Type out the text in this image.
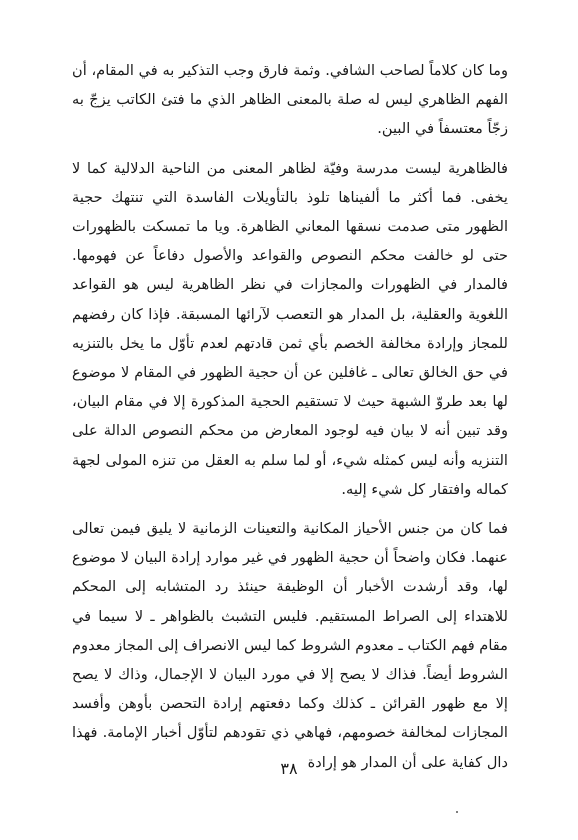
وما كان كلاماً لصاحب الشافي. وثمة فارق وجب التذكير به في المقام، أن الفهم الظاهري ليس له صلة بالمعنى الظاهر الذي ما فتئ الكاتب يزجّ به زجّاً معتسفاً في البين.

فالظاهرية ليست مدرسة وفيّة لظاهر المعنى من الناحية الدلالية كما لا يخفى. فما أكثر ما ألفيناها تلوذ بالتأويلات الفاسدة التي تنتهك حجية الظهور متى صدمت نسقها المعاني الظاهرة. ويا ما تمسكت بالظهورات حتى لو خالفت محكم النصوص والقواعد والأصول دفاعاً عن فهومها. فالمدار في الظهورات والمجازات في نظر الظاهرية ليس هو القواعد اللغوية والعقلية، بل المدار هو التعصب لآرائها المسبقة. فإذا كان رفضهم للمجاز وإرادة مخالفة الخصم بأي ثمن قادتهم لعدم تأوّل ما يخل بالتنزيه في حق الخالق تعالى ـ غافلين عن أن حجية الظهور في المقام لا موضوع لها بعد طروّ الشبهة حيث لا تستقيم الحجية المذكورة إلا في مقام البيان، وقد تبين أنه لا بيان فيه لوجود المعارض من محكم النصوص الدالة على التنزيه وأنه ليس كمثله شيء، أو لما سلم به العقل من تنزه المولى لجهة كماله وافتقار كل شيء إليه.

فما كان من جنس الأحياز المكانية والتعينات الزمانية لا يليق فيمن تعالى عنهما. فكان واضحاً أن حجية الظهور في غير موارد إرادة البيان لا موضوع لها، وقد أرشدت الأخبار أن الوظيفة حينئذ رد المتشابه إلى المحكم للاهتداء إلى الصراط المستقيم. فليس التشبث بالظواهر ـ لا سيما في مقام فهم الكتاب ـ معدوم الشروط كما ليس الانصراف إلى المجاز معدوم الشروط أيضاً. فذاك لا يصح إلا في مورد البيان لا الإجمال، وذاك لا يصح إلا مع ظهور القرائن ـ كذلك وكما دفعتهم إرادة التحصن بأوهن وأفسد المجازات لمخالفة خصومهم، فهاهي ذي تقودهم لتأوّل أخبار الإمامة. فهذا دال كفاية على أن المدار هو إرادة

٣٨
